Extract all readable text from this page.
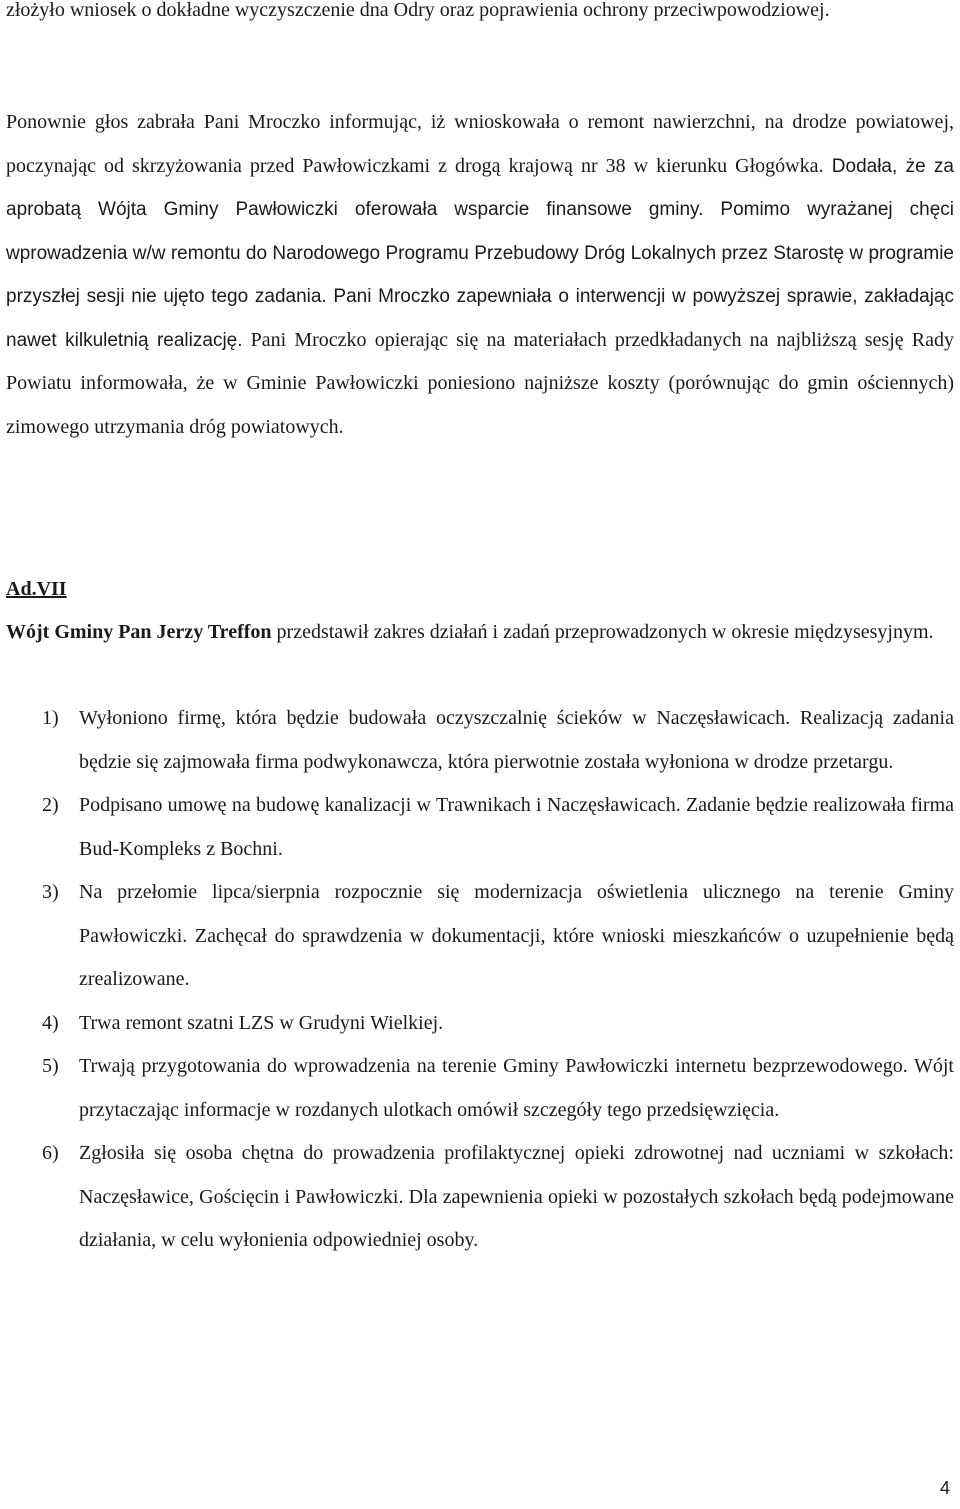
złożyło wniosek o dokładne wyczyszczenie dna Odry oraz poprawienia ochrony przeciwpowodziowej.

Ponownie głos zabrała Pani Mroczko informując, iż wnioskowała o remont nawierzchni, na drodze powiatowej, poczynając od skrzyżowania przed Pawłowiczkami z drogą krajową nr 38 w kierunku Głogówka. Dodała, że za aprobatą Wójta Gminy Pawłowiczki oferowała wsparcie finansowe gminy. Pomimo wyrażanej chęci wprowadzenia w/w remontu do Narodowego Programu Przebudowy Dróg Lokalnych przez Starostę w programie przyszłej sesji nie ujęto tego zadania. Pani Mroczko zapewniała o interwencji w powyższej sprawie, zakładając nawet kilkuletnią realizację. Pani Mroczko opierając się na materiałach przedkładanych na najbliższą sesję Rady Powiatu informowała, że w Gminie Pawłowiczki poniesiono najniższe koszty (porównując do gmin ościennych) zimowego utrzymania dróg powiatowych.

Ad.VII

Wójt Gminy Pan Jerzy Treffon przedstawił zakres działań i zadań przeprowadzonych w okresie międzysesyjnym.

1) Wyłoniono firmę, która będzie budowała oczyszczalnię ścieków w Naczęsławicach. Realizacją zadania będzie się zajmowała firma podwykonawcza, która pierwotnie została wyłoniona w drodze przetargu.
2) Podpisano umowę na budowę kanalizacji w Trawnikach i Naczęsławicach. Zadanie będzie realizowała firma Bud-Kompleks z Bochni.
3) Na przełomie lipca/sierpnia rozpocznie się modernizacja oświetlenia ulicznego na terenie Gminy Pawłowiczki. Zachęcał do sprawdzenia w dokumentacji, które wnioski mieszkańców o uzupełnienie będą zrealizowane.
4) Trwa remont szatni LZS w Grudyni Wielkiej.
5) Trwają przygotowania do wprowadzenia na terenie Gminy Pawłowiczki internetu bezprzewodowego. Wójt przytaczając informacje w rozdanych ulotkach omówił szczegóły tego przedsięwzięcia.
6) Zgłosiła się osoba chętna do prowadzenia profilaktycznej opieki zdrowotnej nad uczniami w szkołach: Naczęsławice, Gościęcin i Pawłowiczki. Dla zapewnienia opieki w pozostałych szkołach będą podejmowane działania, w celu wyłonienia odpowiedniej osoby.
4
